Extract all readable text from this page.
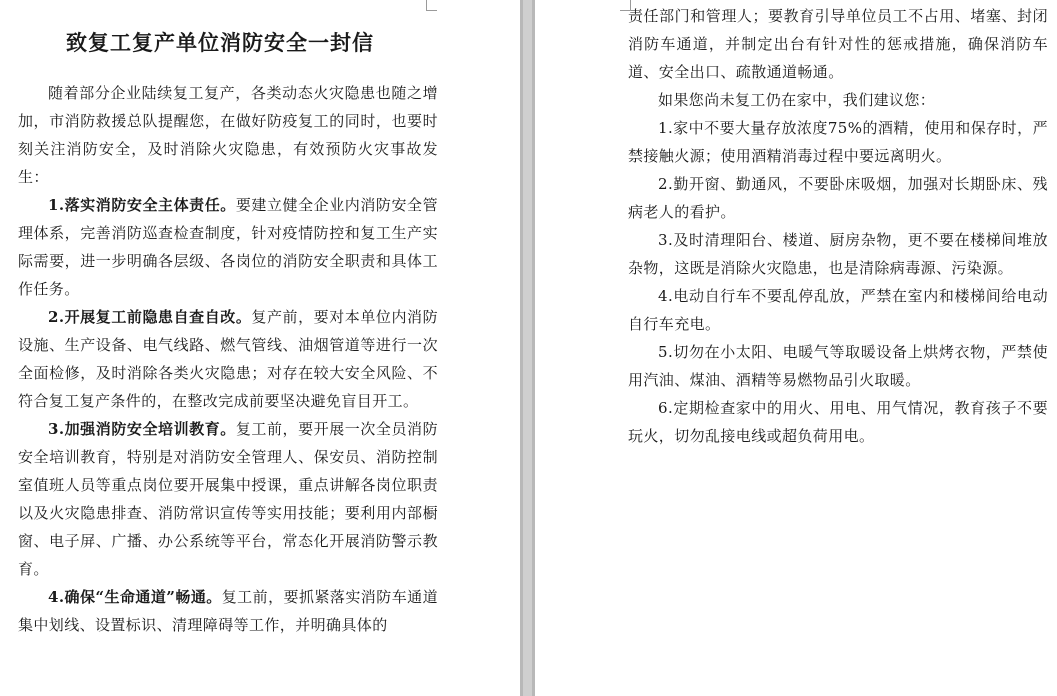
致复工复产单位消防安全一封信

随着部分企业陆续复工复产，各类动态火灾隐患也随之增加，市消防救援总队提醒您，在做好防疫复工的同时，也要时刻关注消防安全，及时消除火灾隐患，有效预防火灾事故发生：

1.落实消防安全主体责任。要建立健全企业内消防安全管理体系，完善消防巡查检查制度，针对疫情防控和复工生产实际需要，进一步明确各层级、各岗位的消防安全职责和具体工作任务。

2.开展复工前隐患自查自改。复产前，要对本单位内消防设施、生产设备、电气线路、燃气管线、油烟管道等进行一次全面检修，及时消除各类火灾隐患；对存在较大安全风险、不符合复工复产条件的，在整改完成前要坚决避免盲目开工。

3.加强消防安全培训教育。复工前，要开展一次全员消防安全培训教育，特别是对消防安全管理人、保安员、消防控制室值班人员等重点岗位要开展集中授课，重点讲解各岗位职责以及火灾隐患排查、消防常识宣传等实用技能；要利用内部橱窗、电子屏、广播、办公系统等平台，常态化开展消防警示教育。

4.确保“生命通道”畅通。复工前，要抓紧落实消防车通道集中划线、设置标识、清理障碍等工作，并明确具体的

责任部门和管理人；要教育引导单位员工不占用、堵塞、封闭消防车通道，并制定出台有针对性的惩戒措施，确保消防车道、安全出口、疏散通道畅通。

如果您尚未复工仍在家中，我们建议您：

1.家中不要大量存放浓度75%的酒精，使用和保存时，严禁接触火源；使用酒精消毒过程中要远离明火。

2.勤开窗、勤通风，不要卧床吸烟，加强对长期卧床、残病老人的看护。

3.及时清理阳台、楼道、厨房杂物，更不要在楼梯间堆放杂物，这既是消除火灾隐患，也是清除病毒源、污染源。

4.电动自行车不要乱停乱放，严禁在室内和楼梯间给电动自行车充电。

5.切勿在小太阳、电暖气等取暖设备上烘烤衣物，严禁使用汽油、煤油、酒精等易燃物品引火取暖。

6.定期检查家中的用火、用电、用气情况，教育孩子不要玩火，切勿乱接电线或超负荷用电。
